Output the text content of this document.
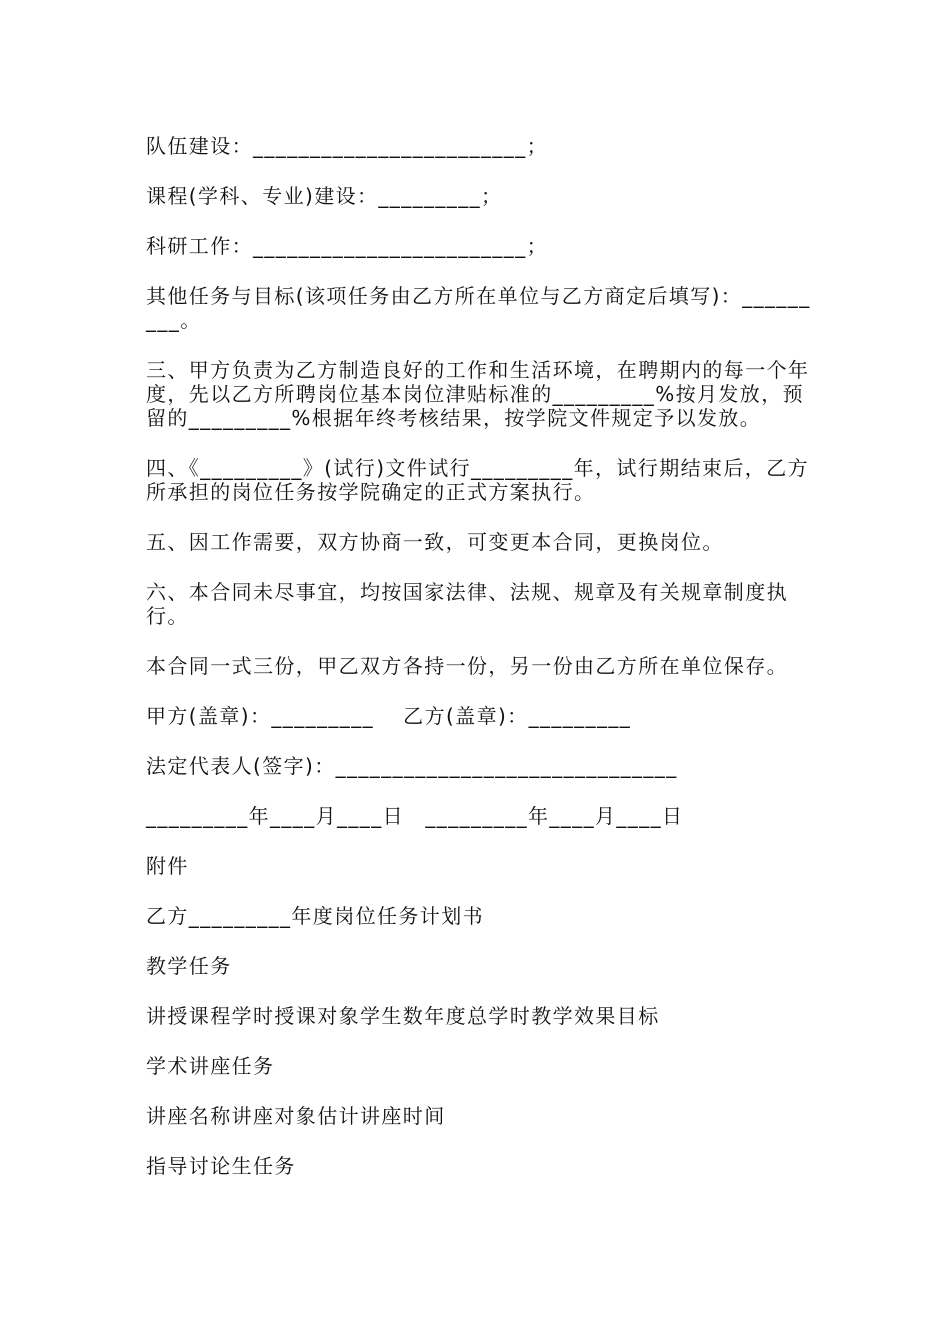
队伍建设：________________________；

课程(学科、专业)建设：_________；

科研工作：________________________；

其他任务与目标(该项任务由乙方所在单位与乙方商定后填写)：_________。

三、甲方负责为乙方制造良好的工作和生活环境，在聘期内的每一个年度，先以乙方所聘岗位基本岗位津贴标准的_________%按月发放，预留的_________%根据年终考核结果，按学院文件规定予以发放。

四、《_________》(试行)文件试行_________年，试行期结束后，乙方所承担的岗位任务按学院确定的正式方案执行。

五、因工作需要，双方协商一致，可变更本合同，更换岗位。

六、本合同未尽事宜，均按国家法律、法规、规章及有关规章制度执行。

本合同一式三份，甲乙双方各持一份，另一份由乙方所在单位保存。

甲方(盖章)：_________　 乙方(盖章)：_________

法定代表人(签字)：______________________________

_________年____月____日　_________年____月____日

附件

乙方_________年度岗位任务计划书

教学任务

讲授课程学时授课对象学生数年度总学时教学效果目标

学术讲座任务

讲座名称讲座对象估计讲座时间

指导讨论生任务
